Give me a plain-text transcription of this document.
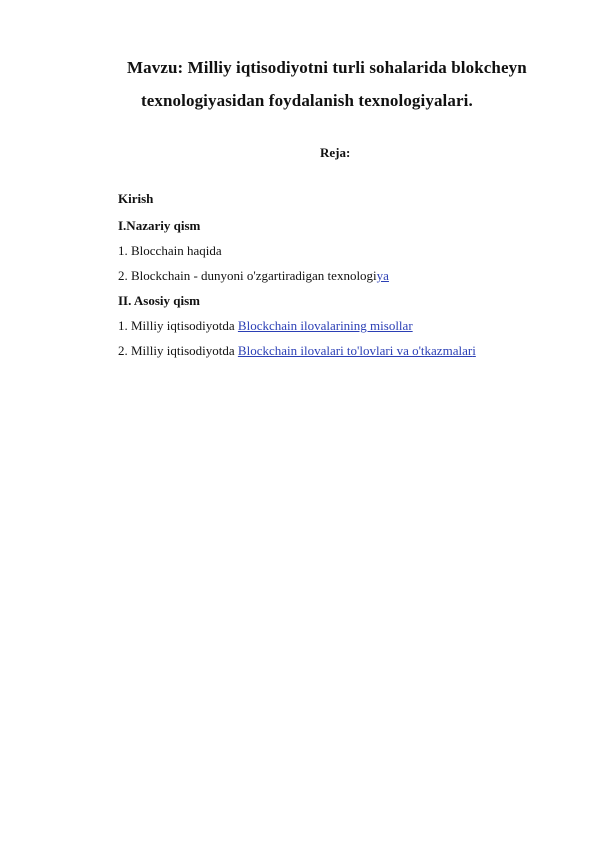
Mavzu: Milliy iqtisodiyotni turli sohalarida blokcheyn
texnologiyasidan foydalanish texnologiyalari.
Reja:
Kirish
I.Nazariy qism
1. Blocchain haqida
2. Blockchain - dunyoni o'zgartiradigan texnologiya
II. Asosiy qism
1. Milliy iqtisodiyotda Blockchain ilovalarining misollar
2. Milliy iqtisodiyotda Blockchain ilovalari to'lovlari va o'tkazmalari
